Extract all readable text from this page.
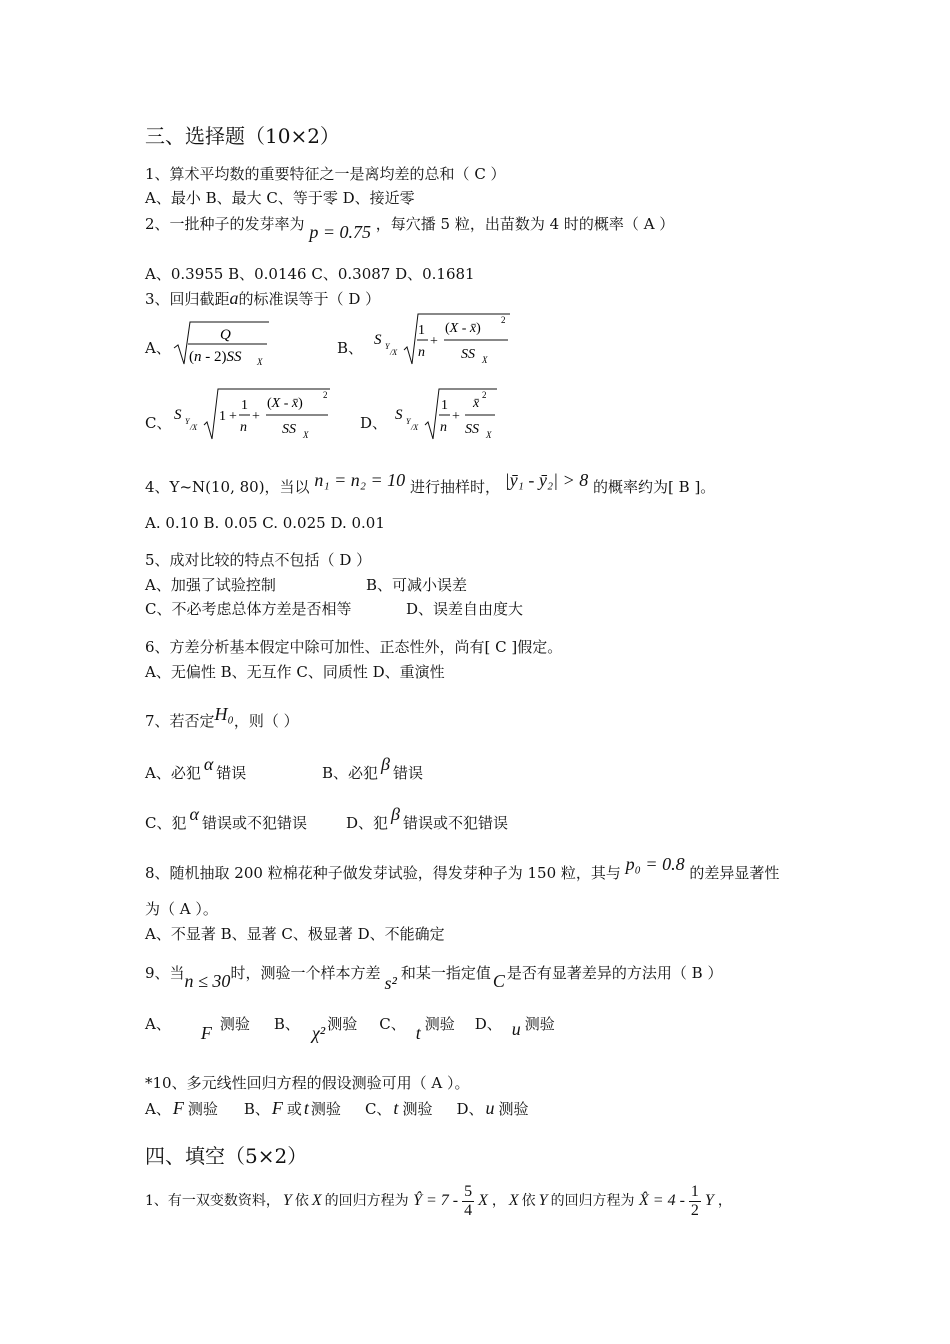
三、选择题（10×2）
1、算术平均数的重要特征之一是离均差的总和（ C ）
A、最小 B、最大 C、等于零 D、接近零
2、一批种子的发芽率为 p = 0.75 ，每穴播 5 粒，出苗数为 4 时的概率（ A ）
A、0.3955 B、0.0146 C、0.3087 D、0.1681
3、回归截距a的标准误等于（ D ）
A、
Q
(n - 2)SS X
B、 S Y
/X
1
n
+
(X - x̄)
2
SS X
C、 S Y
/X
1 +
1
n
+
(X - x̄)
2
SS X
D、 S Y
/X
1
n
+
x̄
2
SS X
4、Y~N(10, 80)，当以 n₁ = n₂ = 10 进行抽样时， |ȳ₁ - ȳ₂| > 8 的概率约为[ B ]。
A. 0.10 B. 0.05 C. 0.025 D. 0.01
5、成对比较的特点不包括（ D ）
A、加强了试验控制	B、可减小误差
C、不必考虑总体方差是否相等	D、误差自由度大
6、方差分析基本假定中除可加性、正态性外，尚有[ C ]假定。
A、无偏性 B、无互作 C、同质性 D、重演性
7、若否定H₀，则（ ）
A、必犯 α 错误	B、必犯 β 错误
C、犯 α 错误或不犯错误	D、犯 β 错误或不犯错误
8、随机抽取 200 粒棉花种子做发芽试验，得发芽种子为 150 粒，其与 p₀ = 0.8 的差异显著性
为（ A ）。
A、不显著 B、显著 C、极显著 D、不能确定
9、当n ≤ 30时，测验一个样本方差 s² 和某一指定值 C 是否有显著差异的方法用（ B ）
A、 F 测验 B、 χ² 测验 C、 t 测验 D、 u 测验
*10、多元线性回归方程的假设测验可用（ A ）。
A、 F 测验 B、 F 或 t 测验 C、 t 测验 D、 u 测验
四、填空（5×2）
1、有一双变数资料， Y 依 X 的回归方程为 Ŷ = $7 - \frac{5}{4}$ X ， X 依 Y 的回归方程为 X̂ = $4 - \frac{1}{2}$ Y ，
